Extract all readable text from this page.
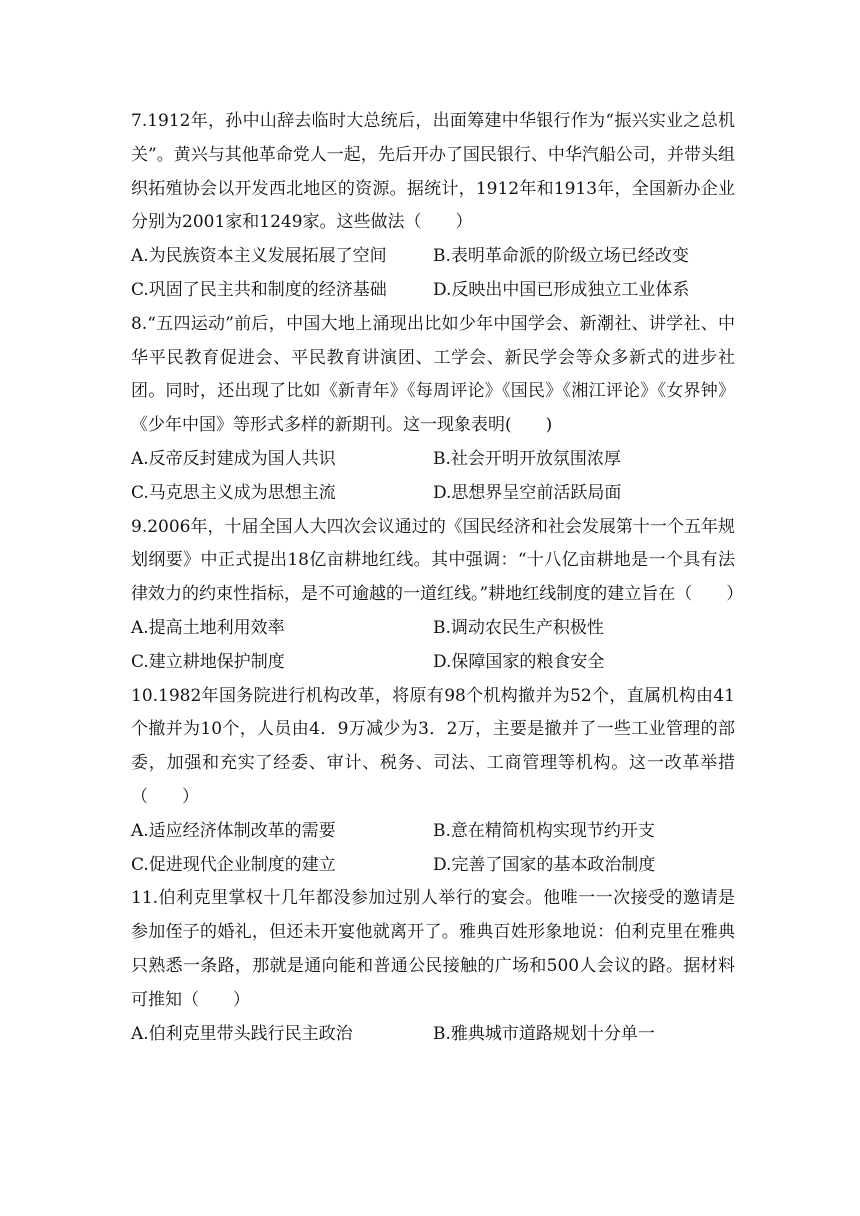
7.1912年，孙中山辞去临时大总统后，出面筹建中华银行作为“振兴实业之总机关”。黄兴与其他革命党人一起，先后开办了国民银行、中华汽船公司，并带头组织拓殖协会以开发西北地区的资源。据统计，1912年和1913年，全国新办企业分别为2001家和1249家。这些做法（　　）

A.为民族资本主义发展拓展了空间	B.表明革命派的阶级立场已经改变
C.巩固了民主共和制度的经济基础	D.反映出中国已形成独立工业体系

8.“五四运动”前后，中国大地上涌现出比如少年中国学会、新潮社、讲学社、中华平民教育促进会、平民教育讲演团、工学会、新民学会等众多新式的进步社团。同时，还出现了比如《新青年》《每周评论》《国民》《湘江评论》《女界钟》《少年中国》等形式多样的新期刊。这一现象表明(　　)

A.反帝反封建成为国人共识	B.社会开明开放氛围浓厚
C.马克思主义成为思想主流	D.思想界呈空前活跃局面

9.2006年，十届全国人大四次会议通过的《国民经济和社会发展第十一个五年规划纲要》中正式提出18亿亩耕地红线。其中强调：“十八亿亩耕地是一个具有法律效力的约束性指标，是不可逾越的一道红线。”耕地红线制度的建立旨在（　　）

A.提高土地利用效率	B.调动农民生产积极性
C.建立耕地保护制度	D.保障国家的粮食安全

10.1982年国务院进行机构改革，将原有98个机构撤并为52个，直属机构由41个撤并为10个，人员由4．9万减少为3．2万，主要是撤并了一些工业管理的部委，加强和充实了经委、审计、税务、司法、工商管理等机构。这一改革举措（　　）

A.适应经济体制改革的需要	B.意在精简机构实现节约开支
C.促进现代企业制度的建立	D.完善了国家的基本政治制度

11.伯利克里掌权十几年都没参加过别人举行的宴会。他唯一一次接受的邀请是参加侄子的婚礼，但还未开宴他就离开了。雅典百姓形象地说：伯利克里在雅典只熟悉一条路，那就是通向能和普通公民接触的广场和500人会议的路。据材料可推知（　　）

A.伯利克里带头践行民主政治	B.雅典城市道路规划十分单一
